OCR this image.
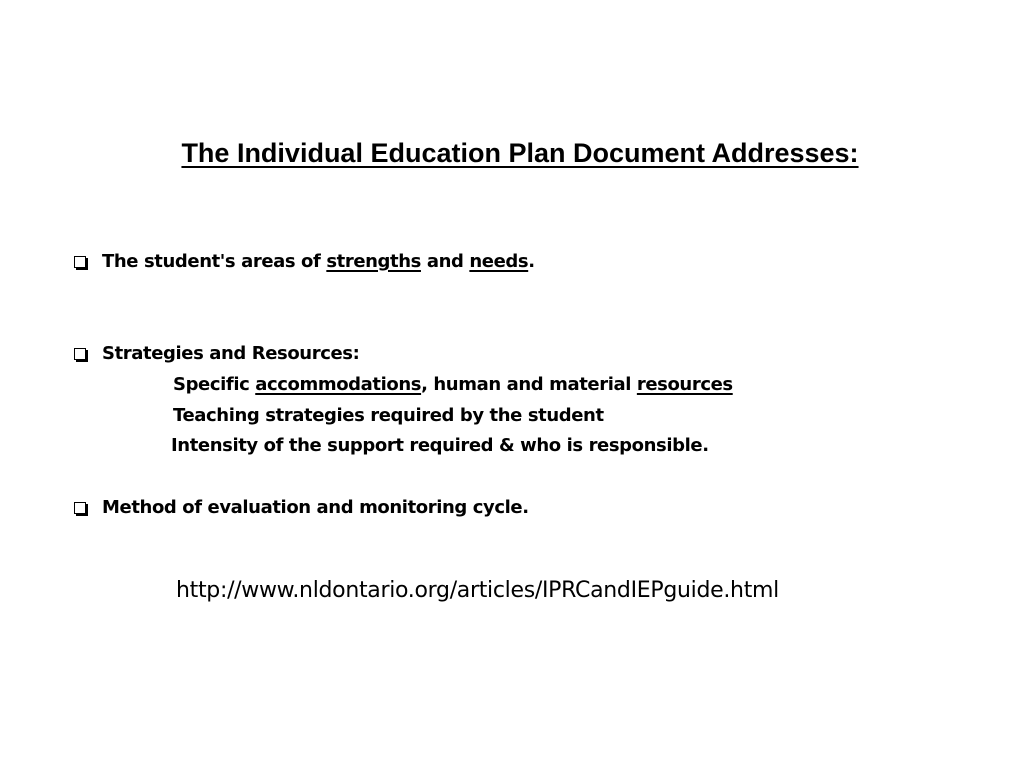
The Individual Education Plan Document Addresses:
The student's areas of strengths and needs.
Strategies and Resources:
Specific accommodations, human and material resources
Teaching strategies required by the student
Intensity of the support required & who is responsible.
Method of evaluation and monitoring cycle.
http://www.nldontario.org/articles/IPRCandIEPguide.html
